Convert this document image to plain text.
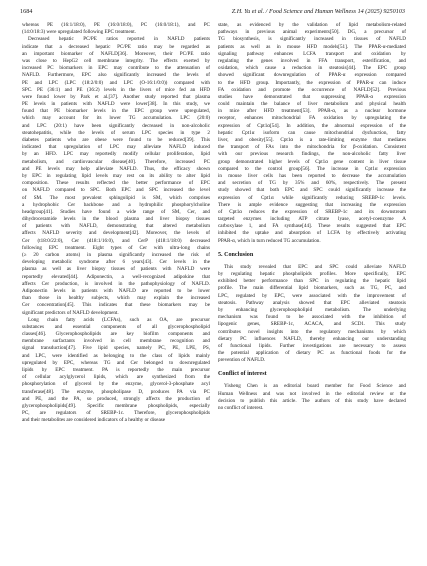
1684	Z.H. Yu et al. / Food Science and Human Wellness 14 (2025) 9250103
whereas PE (16:1/18:0), PE (16:0/18:0), PC (16:0/18:1), and PC
(14:0/18:3) were upregulated following EPC treatment.
Decreased hepatic PC/PE ratios reported in NAFLD patients
indicate that a decreased hepatic PC/PE ratio may be regarded as
an important biomarker of NAFLD[36]. Moreover, their PC/PE ratio
was close to HepG2 cell membrane integrity. The effects exerted by
increased PC biomarkers in EPC may contribute to the attenuation of
NAFLD. Furthermore, EPC also significantly increased the levels of
PE and LPC (LPC (18:2/0:0) and LPC (O-16:1/0:0)) compared with
SPC. PE (36:1) and PE (36:2) levels in the livers of mice fed an HFD
were found lower by Park et al.[37]. Another study reported that plasma
PE levels in patients with NAFLD were lower[38]. In this study, we
found that PE biomarker levels in the EPC group were upregulated,
which may account for its lower TG accumulation. LPC (20:0)
and LPC (20:1) have been significantly decreased in non-alcoholic
steatohepatitis, while the levels of serum LPC species in type 2
diabetes patients who are obese were found to be reduced[39]. This
indicated that upregulation of LPC may alleviate NAFLD induced
by an HFD. LPC may reportedly modify cellular proliferation, lipid
metabolism, and cardiovascular disease[40]. Therefore, increased PC
and PE levels may help alleviate NAFLD. Thus, the efficacy shown
by EPC in regulating lipid levels may rest on its ability to alter lipid
composition. These results reflected the better performance of EPC
on NAFLD compared to SPC. Both EPC and SPC increased the level
of SM. The most prevalent sphingolipid is SM, which comprises
a hydrophobic Cer backbone and a hydrophilic phosphorylcholine
headgroup[41]. Studies have found a wide range of SM, Cer, and
dihydroceramide levels in the blood plasma and liver biopsy tissues
of patients with NAFLD, demonstrating that altered metabolism
affects NAFLD severity and development[42]. Moreover, the levels of
Cer (t18:0/22:0), Cer (d18:1/16:0), and CerP (d18:1/18:0) decreased
following EPC treatment. Eight types of Cer with ultra-long chains
(≥ 20 carbon atoms) in plasma significantly increased the risk of
developing metabolic syndrome after 6 years[43]. Cer levels in the
plasma as well as liver biopsy tissues of patients with NAFLD were
reportedly elevated[44]. Adiponectin, a well-recognized adipokine that
affects Cer production, is involved in the pathophysiology of NAFLD.
Adiponectin levels in patients with NAFLD are reported to be lower
than those in healthy subjects, which may explain the increased
Cer concentration[45]. This indicates that these biomarkers may be
significant predictors of NAFLD development.
Long chain fatty acids (LCFAs), such as OA, are precursor
substances and essential components of all glycerophospholipid
classes[46]. Glycerophospholipids are key biofilm components and
membrane surfactants involved in cell membrane recognition and
signal transduction[47]. Five lipid species, namely PC, PE, LPE, PS,
and LPC, were identified as belonging to the class of lipids mainly
upregulated by EPC, whereas TG and Cer belonged to downregulated
lipids by EPC treatment. PA is reportedly the main precursor
of cellular acylglycerol lipids, which are synthesized from the
phosphorylation of glycerol by the enzyme, glycerol-3-phosphate acyl
transferase[48]. The enzyme, phospholipase D, produces PA via PC
and PE, and the PA, so produced, strongly affects the production of
glycerophospholipids[49]. Specific membrane phospholipids, especially
PC, are regulators of SREBP-1c. Therefore, glycerophospholipids
and their metabolites are considered indicators of a healthy or disease
state, as evidenced by the validation of lipid metabolism-related
pathways in previous animal experiments[50]. DG, a precursor of
TG biosynthesis, is significantly increased in tissues of NAFLD
patients as well as in mouse HFD models[51]. The PPAR-α-mediated
signaling pathway enhances LCFA transport and oxidation by
regulating the genes involved in FFA transport, esterification, and
oxidation, which cause a reduction in steatosis[44]. The EPC group
showed significant downregulation of PPAR-α expression compared
to the HFD group. Importantly, the expression of PPAR-α can induce
FA oxidation and promote the occurrence of NAFLD[52]. Previous
studies have demonstrated that suppressing PPAR-α expression
could maintain the balance of liver metabolism and physical health
in mice after HFD treatment[53]. PPAR-α, as a nuclear hormone
receptor, enhances mitochondrial FA oxidation by upregulating the
expression of Cpt1α[54]. In addition, the abnormal expression of the
hepatic Cpt1α isoform can cause mitochondrial dysfunction, fatty
liver, and obesity[55]. Cpt1α is a rate-limiting enzyme that mediates
the transport of FAs into the mitochondria for β-oxidation. Consistent
with our previous research findings, the non-alcoholic fatty liver
group demonstrated higher levels of Cpt1α gene content in liver tissue
compared to the control group[56]. The increase in Cpt1α expression
in mouse liver cells has been reported to decrease the accumulation
and secretion of TG by 35% and 60%, respectively. The present
study showed that both EPC and SPC could significantly increase the
expression of Cpt1α while significantly reducing SREBP-1c levels.
There is ample evidence suggesting that increasing the expression
of Cpt1α reduces the expression of SREBP-1c and its downstream
targeted enzymes including ATP citrate lyase, acetyl-coenzyme A
carboxylase 1, and FA synthase[44]. These results suggested that EPC
inhibited the uptake and absorption of LCFA by effectively activating
PPAR-α, which in turn reduced TG accumulation.
5. Conclusion
This study revealed that EPC and SPC could alleviate NAFLD
by regulating hepatic phospholipids profiles. More specifically, EPC
exhibited better performance than SPC in regulating the hepatic lipid
profile. The main differential lipid biomarkers, such as TG, PC, and
LPC, regulated by EPC, were associated with the improvement of
steatosis. Pathway analysis showed that EPC alleviated steatosis
by enhancing glycerophospholipid metabolism. The underlying
mechanism was found to be associated with the inhibition of
lipogenic genes, SREBP-1c, ACACA, and SCD1. This study
contributes novel insights into the regulatory mechanisms by which
dietary PC influences NAFLD, thereby enhancing our understanding
of functional lipids. Further investigations are necessary to assess
the potential application of dietary PC as functional foods for the
prevention of NAFLD.
Conflict of interest
Yisheng Chen is an editorial board member for Food Science and
Human Wellness and was not involved in the editorial review or the
decision to publish this article. The authors of this study have declared
no conflict of interest.
